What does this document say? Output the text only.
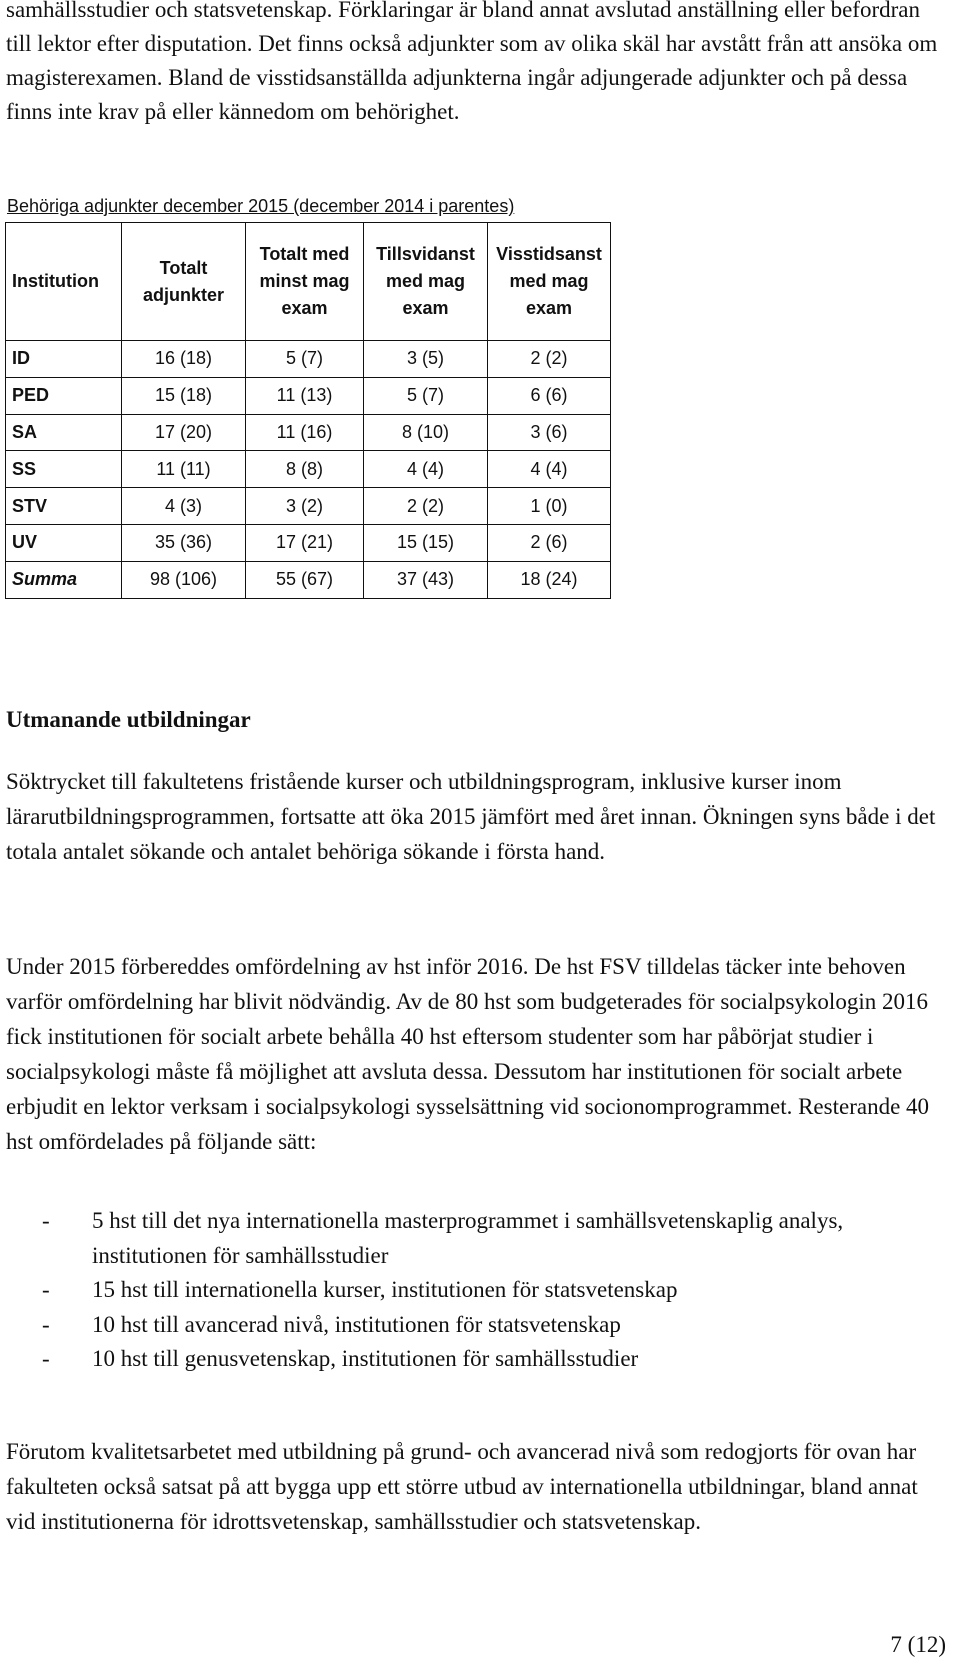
samhällsstudier och statsvetenskap. Förklaringar är bland annat avslutad anställning eller befordran till lektor efter disputation. Det finns också adjunkter som av olika skäl har avstått från att ansöka om magisterexamen. Bland de visstidsanställda adjunkterna ingår adjungerade adjunkter och på dessa finns inte krav på eller kännedom om behörighet.

Behöriga adjunkter december 2015 (december 2014 i parentes)

Institution	Totalt adjunkter	Totalt med minst mag exam	Tillsvidanst med mag exam	Visstidsanst med mag exam
ID	16 (18)	5 (7)	3 (5)	2 (2)
PED	15 (18)	11 (13)	5 (7)	6 (6)
SA	17 (20)	11 (16)	8 (10)	3 (6)
SS	11 (11)	8 (8)	4 (4)	4 (4)
STV	4 (3)	3 (2)	2 (2)	1 (0)
UV	35 (36)	17 (21)	15 (15)	2 (6)
Summa	98 (106)	55 (67)	37 (43)	18 (24)
Utmanande utbildningar

Söktrycket till fakultetens fristående kurser och utbildningsprogram, inklusive kurser inom lärarutbildningsprogrammen, fortsatte att öka 2015 jämfört med året innan. Ökningen syns både i det totala antalet sökande och antalet behöriga sökande i första hand.

Under 2015 förbereddes omfördelning av hst inför 2016. De hst FSV tilldelas täcker inte behoven varför omfördelning har blivit nödvändig. Av de 80 hst som budgeterades för socialpsykologin 2016 fick institutionen för socialt arbete behålla 40 hst eftersom studenter som har påbörjat studier i socialpsykologi måste få möjlighet att avsluta dessa. Dessutom har institutionen för socialt arbete erbjudit en lektor verksam i socialpsykologi sysselsättning vid socionomprogrammet. Resterande 40 hst omfördelades på följande sätt:

- 5 hst till det nya internationella masterprogrammet i samhällsvetenskaplig analys, institutionen för samhällsstudier
- 15 hst till internationella kurser, institutionen för statsvetenskap
- 10 hst till avancerad nivå, institutionen för statsvetenskap
- 10 hst till genusvetenskap, institutionen för samhällsstudier

Förutom kvalitetsarbetet med utbildning på grund- och avancerad nivå som redogjorts för ovan har fakulteten också satsat på att bygga upp ett större utbud av internationella utbildningar, bland annat vid institutionerna för idrottsvetenskap, samhällsstudier och statsvetenskap.

7 (12)
